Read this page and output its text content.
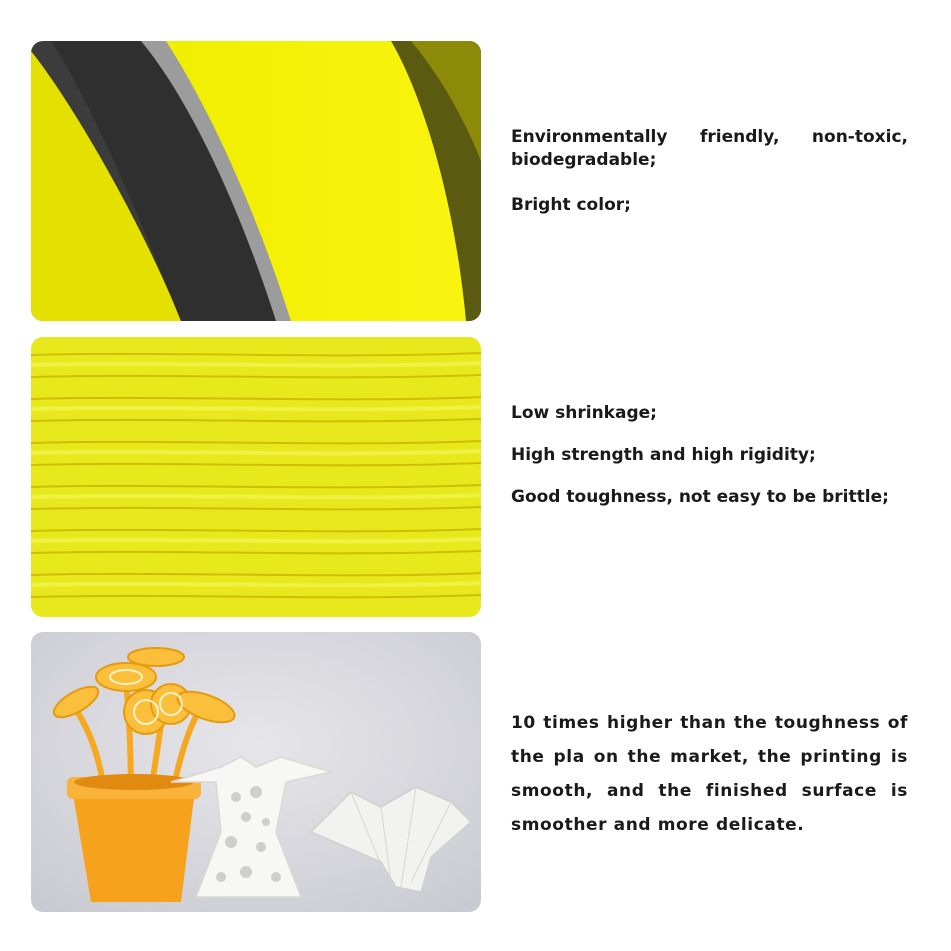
Environmentally friendly, non-toxic, biodegradable;

Bright color;

Low shrinkage;

High strength and high rigidity;

Good toughness, not easy to be brittle;

10 times higher than the toughness of the pla on the market, the printing is smooth, and the finished surface is smoother and more delicate.
